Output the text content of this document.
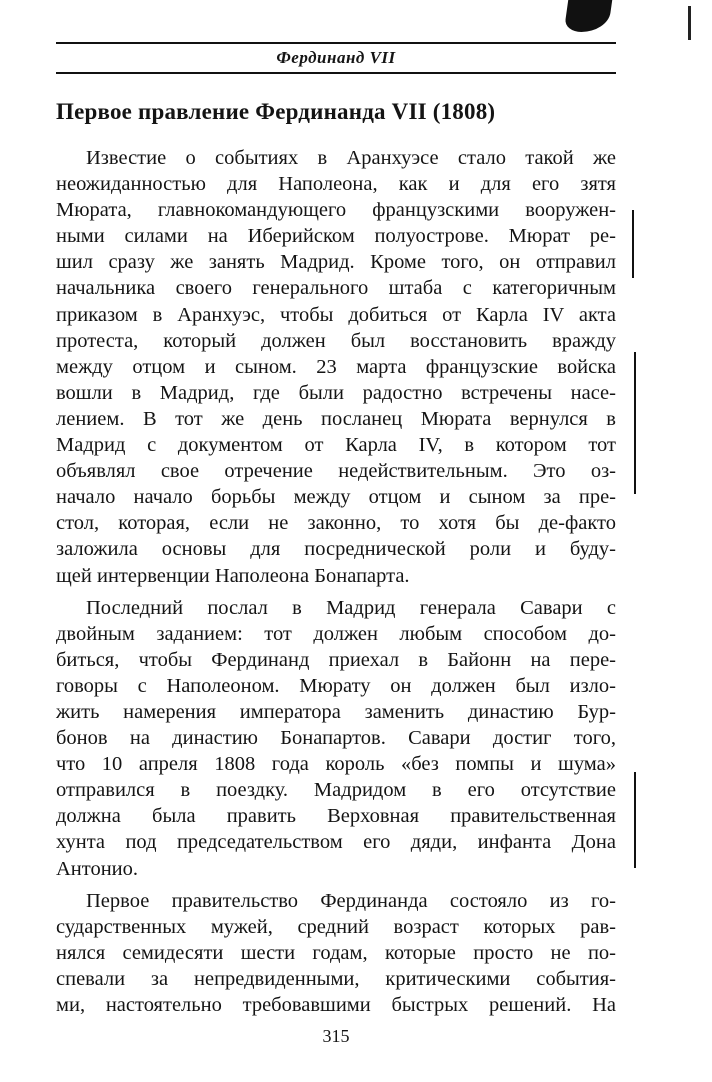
Фердинанд VII
Первое правление Фердинанда VII (1808)
Известие о событиях в Аранхуэсе стало такой же
неожиданностью для Наполеона, как и для его зятя
Мюрата, главнокомандующего французскими вооружен-
ными силами на Иберийском полуострове. Мюрат ре-
шил сразу же занять Мадрид. Кроме того, он отправил
начальника своего генерального штаба с категоричным
приказом в Аранхуэс, чтобы добиться от Карла IV акта
протеста, который должен был восстановить вражду
между отцом и сыном. 23 марта французские войска
вошли в Мадрид, где были радостно встречены насе-
лением. В тот же день посланец Мюрата вернулся в
Мадрид с документом от Карла IV, в котором тот
объявлял свое отречение недействительным. Это оз-
начало начало борьбы между отцом и сыном за пре-
стол, которая, если не законно, то хотя бы де-факто
заложила основы для посреднической роли и буду-
щей интервенции Наполеона Бонапарта.
Последний послал в Мадрид генерала Савари с
двойным заданием: тот должен любым способом до-
биться, чтобы Фердинанд приехал в Байонн на пере-
говоры с Наполеоном. Мюрату он должен был изло-
жить намерения императора заменить династию Бур-
бонов на династию Бонапартов. Савари достиг того,
что 10 апреля 1808 года король «без помпы и шума»
отправился в поездку. Мадридом в его отсутствие
должна была править Верховная правительственная
хунта под председательством его дяди, инфанта Дона
Антонио.
Первое правительство Фердинанда состояло из го-
сударственных мужей, средний возраст которых рав-
нялся семидесяти шести годам, которые просто не по-
спевали за непредвиденными, критическими события-
ми, настоятельно требовавшими быстрых решений. На
315
